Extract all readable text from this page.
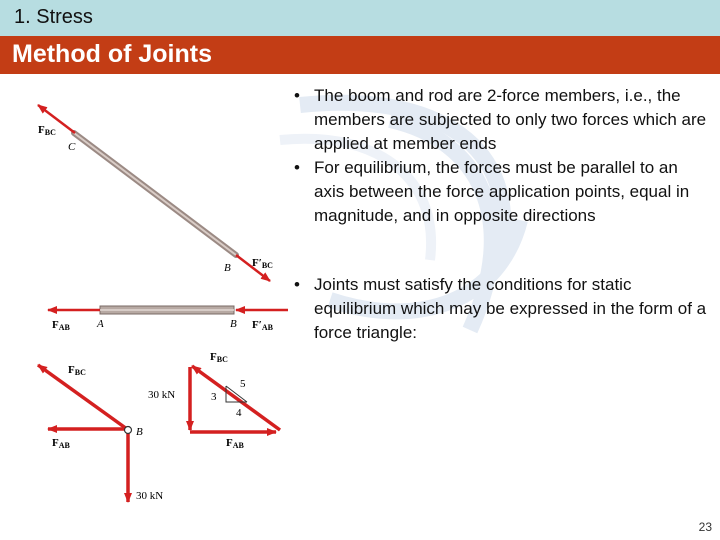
1. Stress
Method of Joints
FBC
C
B F′BC
FAB A	B F′AB
FBC
FAB
B
30 kN
FBC
FAB
30 kN	3
4
5
• The boom and rod are 2-force members, i.e., the members are subjected to only two forces which are applied at member ends
• For equilibrium, the forces must be parallel to an axis between the force application points, equal in magnitude, and in opposite directions
• Joints must satisfy the conditions for static equilibrium which may be expressed in the form of a force triangle:
23
